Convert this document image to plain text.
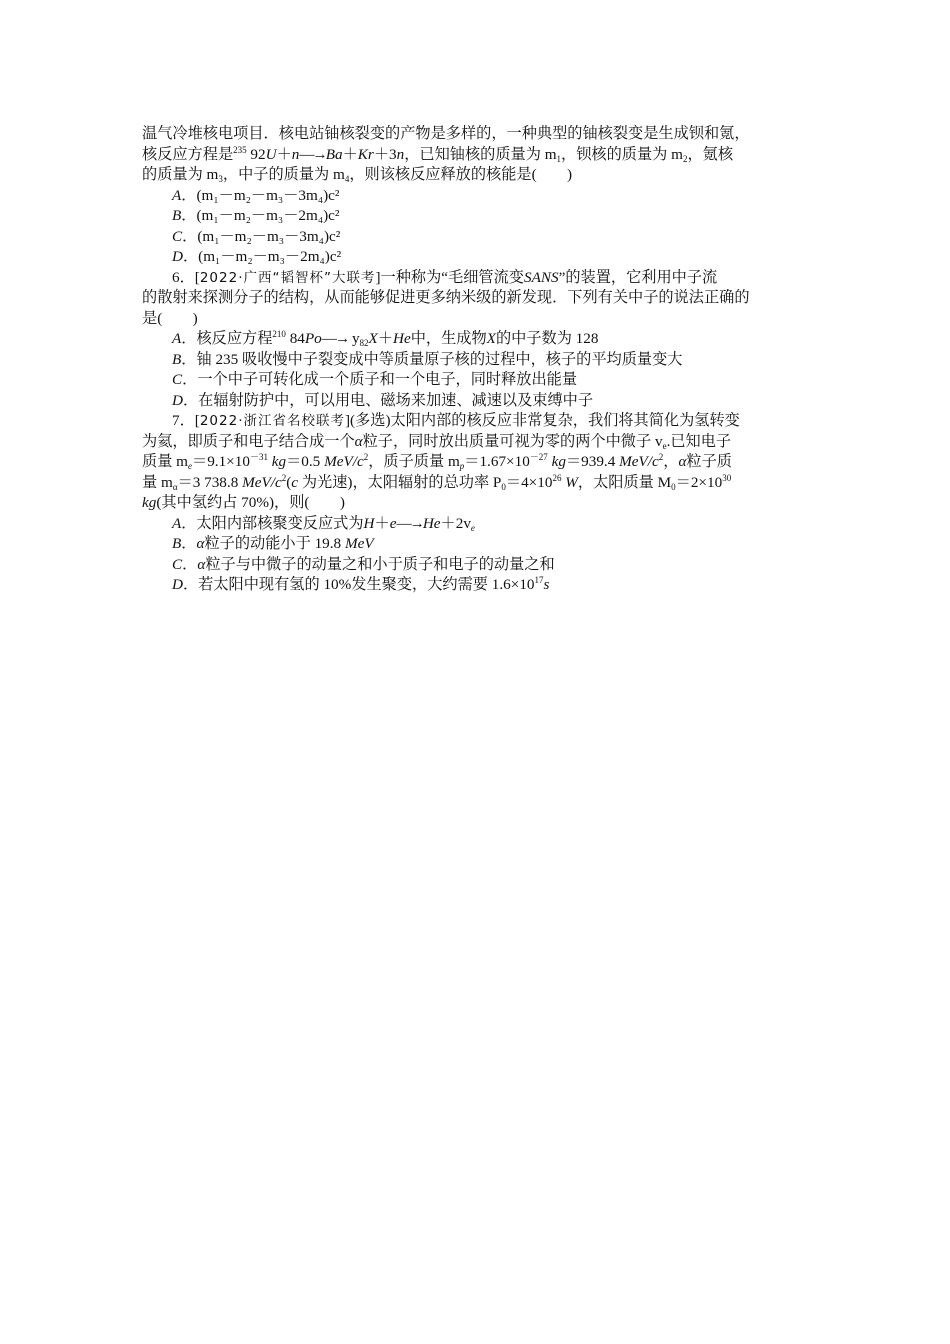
温气冷堆核电项目．核电站铀核裂变的产物是多样的，一种典型的铀核裂变是生成钡和氪，

核反应方程是$^{235}$ 92U＋n―→Ba＋Kr＋3n，已知铀核的质量为 $m_1$，钡核的质量为 $m_2$，氪核

的质量为 $m_3$，中子的质量为 $m_4$，则该核反应释放的核能是(　　)

A．(m₁－m₂－m₃－3m₄)c²

B．(m₁－m₂－m₃－2m₄)c²

C．(m₁－m₂－m₃－3m₄)c²

D．(m₁－m₂－m₃－2m₄)c²

6．[2022·广西“韬智杯”大联考]一种称为“毛细管流变SANS”的装置，它利用中子流

的散射来探测分子的结构，从而能够促进更多纳米级的新发现．下列有关中子的说法正确的

是(　　)

A．核反应方程$^{210}$ 84Po―→ $y_{82}X+He$中，生成物X的中子数为 128

B．铀 235 吸收慢中子裂变成中等质量原子核的过程中，核子的平均质量变大

C．一个中子可转化成一个质子和一个电子，同时释放出能量

D．在辐射防护中，可以用电、磁场来加速、减速以及束缚中子

7．[2022·浙江省名校联考](多选)太阳内部的核反应非常复杂，我们将其简化为氢转变

为氦，即质子和电子结合成一个α粒子，同时放出质量可视为零的两个中微子 $v_e$.已知电子

质量 $m_e=9.1\times 10^{-31}$ kg＝0.5 MeV/$c^2$，质子质量 $m_p=1.67\times 10^{-27}$ kg＝939.4 MeV/$c^2$，α粒子质

量 $m_\alpha=3$ 738.8 MeV/$c^2(c$ 为光速)，太阳辐射的总功率 $P_0=4\times 10^{26}$ W，太阳质量 $M_0=2\times 10^{30}$

kg(其中氢约占 70%)，则(　　)

A．太阳内部核聚变反应式为$H+e―\to He+2v_e$

B．α粒子的动能小于 19.8 MeV

C．α粒子与中微子的动量之和小于质子和电子的动量之和

D．若太阳中现有氢的 10%发生聚变，大约需要 $1.6\times 10^{17}s$
